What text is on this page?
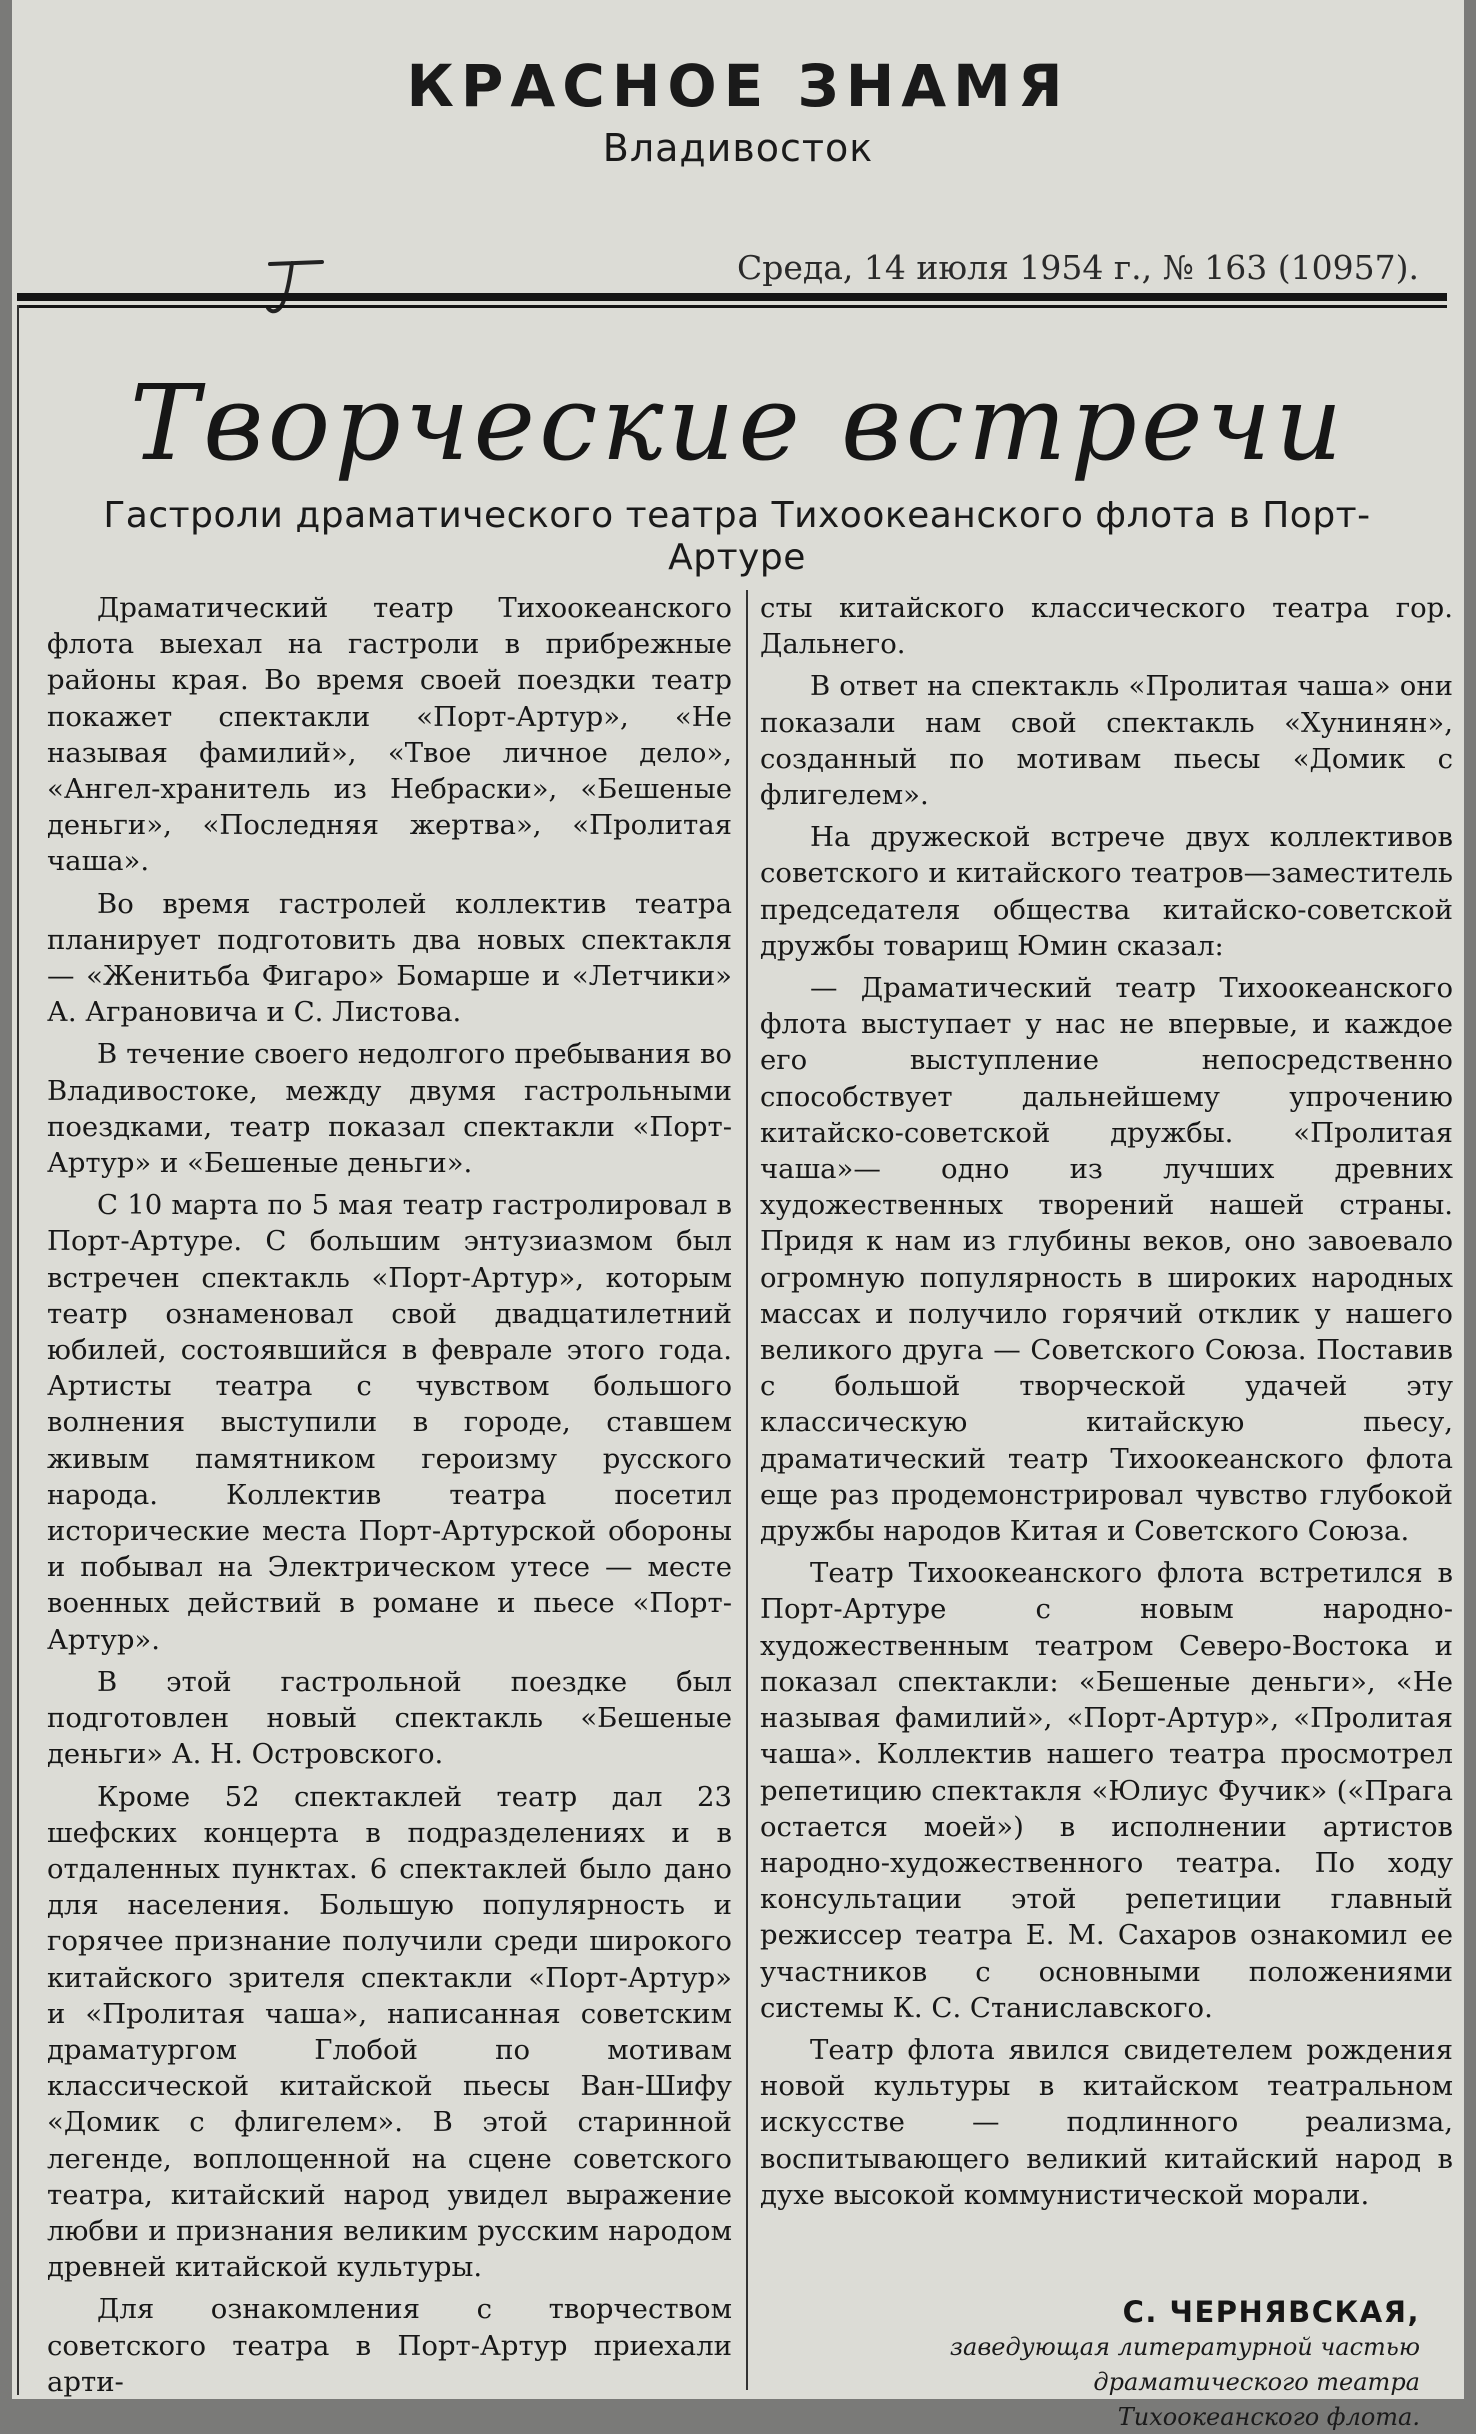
КРАСНОЕ ЗНАМЯ
Владивосток
Среда, 14 июля 1954 г., № 163 (10957).
Творческие встречи
Гастроли драматического театра Тихоокеанского флота в Порт-Артуре

Драматический театр Тихоокеанского флота выехал на гастроли в прибрежные районы края. Во время своей поездки театр покажет спектакли «Порт-Артур», «Не называя фамилий», «Твое личное дело», «Ангел-хранитель из Небраски», «Бешеные деньги», «Последняя жертва», «Пролитая чаша».

Во время гастролей коллектив театра планирует подготовить два новых спектакля — «Женитьба Фигаро» Бомарше и «Летчики» А. Аграновича и С. Листова.

В течение своего недолгого пребывания во Владивостоке, между двумя гастрольными поездками, театр показал спектакли «Порт-Артур» и «Бешеные деньги».

С 10 марта по 5 мая театр гастролировал в Порт-Артуре. С большим энтузиазмом был встречен спектакль «Порт-Артур», которым театр ознаменовал свой двадцатилетний юбилей, состоявшийся в феврале этого года. Артисты театра с чувством большого волнения выступили в городе, ставшем живым памятником героизму русского народа. Коллектив театра посетил исторические места Порт-Артурской обороны и побывал на Электрическом утесе — месте военных действий в романе и пьесе «Порт-Артур».

В этой гастрольной поездке был подготовлен новый спектакль «Бешеные деньги» А. Н. Островского.

Кроме 52 спектаклей театр дал 23 шефских концерта в подразделениях и в отдаленных пунктах. 6 спектаклей было дано для населения. Большую популярность и горячее признание получили среди широкого китайского зрителя спектакли «Порт-Артур» и «Пролитая чаша», написанная советским драматургом Глобой по мотивам классической китайской пьесы Ван-Шифу «Домик с флигелем». В этой старинной легенде, воплощенной на сцене советского театра, китайский народ увидел выражение любви и признания великим русским народом древней китайской культуры.

Для ознакомления с творчеством советского театра в Порт-Артур приехали арти-

сты китайского классического театра гор. Дальнего.

В ответ на спектакль «Пролитая чаша» они показали нам свой спектакль «Хунинян», созданный по мотивам пьесы «Домик с флигелем».

На дружеской встрече двух коллективов советского и китайского театров—заместитель председателя общества китайско-советской дружбы товарищ Юмин сказал:

— Драматический театр Тихоокеанского флота выступает у нас не впервые, и каждое его выступление непосредственно способствует дальнейшему упрочению китайско-советской дружбы. «Пролитая чаша»— одно из лучших древних художественных творений нашей страны. Придя к нам из глубины веков, оно завоевало огромную популярность в широких народных массах и получило горячий отклик у нашего великого друга — Советского Союза. Поставив с большой творческой удачей эту классическую китайскую пьесу, драматический театр Тихоокеанского флота еще раз продемонстрировал чувство глубокой дружбы народов Китая и Советского Союза.

Театр Тихоокеанского флота встретился в Порт-Артуре с новым народно-художественным театром Северо-Востока и показал спектакли: «Бешеные деньги», «Не называя фамилий», «Порт-Артур», «Пролитая чаша». Коллектив нашего театра просмотрел репетицию спектакля «Юлиус Фучик» («Прага остается моей») в исполнении артистов народно-художественного театра. По ходу консультации этой репетиции главный режиссер театра Е. М. Сахаров ознакомил ее участников с основными положениями системы К. С. Станиславского.

Театр флота явился свидетелем рождения новой культуры в китайском театральном искусстве — подлинного реализма, воспитывающего великий китайский народ в духе высокой коммунистической морали.

С. ЧЕРНЯВСКАЯ,
заведующая литературной частью
драматического театра
Тихоокеанского флота.
